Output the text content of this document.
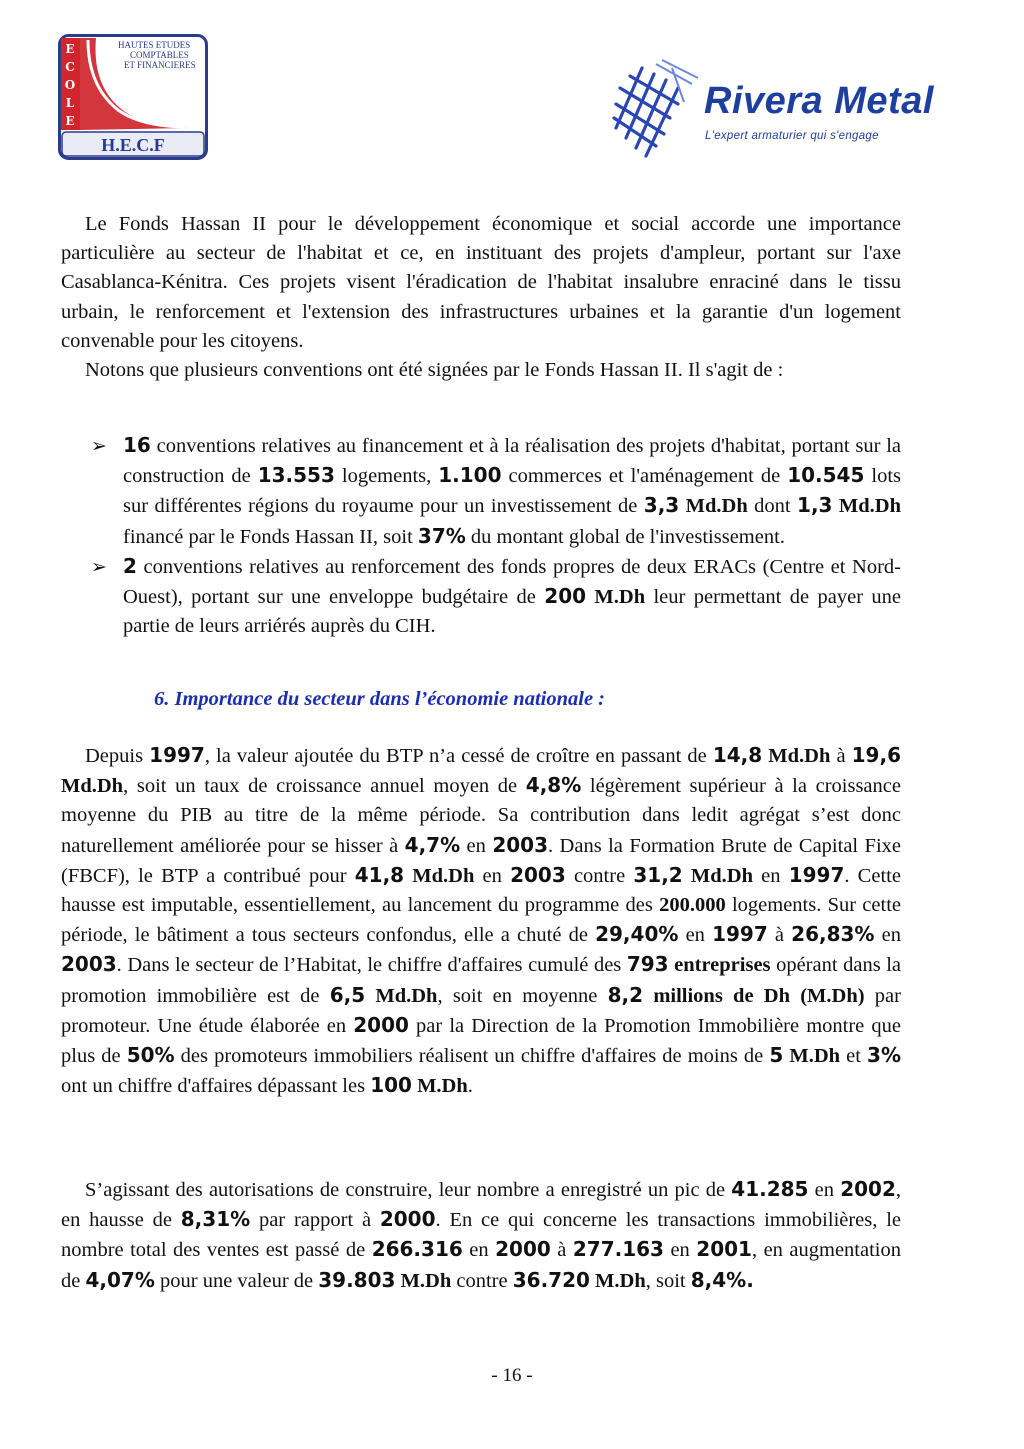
E
C
O
L
E
HAUTES ETUDES
COMPTABLES
ET FINANCIERES
H.E.C.F
Rivera Metal
L'expert armaturier qui s'engage

Le Fonds Hassan II pour le développement économique et social accorde une importance particulière au secteur de l'habitat et ce, en instituant des projets d'ampleur, portant sur l'axe Casablanca-Kénitra. Ces projets visent l'éradication de l'habitat insalubre enraciné dans le tissu urbain, le renforcement et l'extension des infrastructures urbaines et la garantie d'un logement convenable pour les citoyens.

Notons que plusieurs conventions ont été signées par le Fonds Hassan II. Il s'agit de :

➢ 16 conventions relatives au financement et à la réalisation des projets d'habitat, portant sur la construction de 13.553 logements, 1.100 commerces et l'aménagement de 10.545 lots sur différentes régions du royaume pour un investissement de 3,3 Md.Dh dont 1,3 Md.Dh financé par le Fonds Hassan II, soit 37% du montant global de l'investissement.
➢ 2 conventions relatives au renforcement des fonds propres de deux ERACs (Centre et Nord-Ouest), portant sur une enveloppe budgétaire de 200 M.Dh leur permettant de payer une partie de leurs arriérés auprès du CIH.
6. Importance du secteur dans l’économie nationale :

Depuis 1997, la valeur ajoutée du BTP n’a cessé de croître en passant de 14,8 Md.Dh à 19,6 Md.Dh, soit un taux de croissance annuel moyen de 4,8% légèrement supérieur à la croissance moyenne du PIB au titre de la même période. Sa contribution dans ledit agrégat s’est donc naturellement améliorée pour se hisser à 4,7% en 2003. Dans la Formation Brute de Capital Fixe (FBCF), le BTP a contribué pour 41,8 Md.Dh en 2003 contre 31,2 Md.Dh en 1997. Cette hausse est imputable, essentiellement, au lancement du programme des 200.000 logements. Sur cette période, le bâtiment a tous secteurs confondus, elle a chuté de 29,40% en 1997 à 26,83% en 2003. Dans le secteur de l’Habitat, le chiffre d'affaires cumulé des 793 entreprises opérant dans la promotion immobilière est de 6,5 Md.Dh, soit en moyenne 8,2 millions de Dh (M.Dh) par promoteur. Une étude élaborée en 2000 par la Direction de la Promotion Immobilière montre que plus de 50% des promoteurs immobiliers réalisent un chiffre d'affaires de moins de 5 M.Dh et 3% ont un chiffre d'affaires dépassant les 100 M.Dh.

S’agissant des autorisations de construire, leur nombre a enregistré un pic de 41.285 en 2002, en hausse de 8,31% par rapport à 2000. En ce qui concerne les transactions immobilières, le nombre total des ventes est passé de 266.316 en 2000 à 277.163 en 2001, en augmentation de 4,07% pour une valeur de 39.803 M.Dh contre 36.720 M.Dh, soit 8,4%.

- 16 -
